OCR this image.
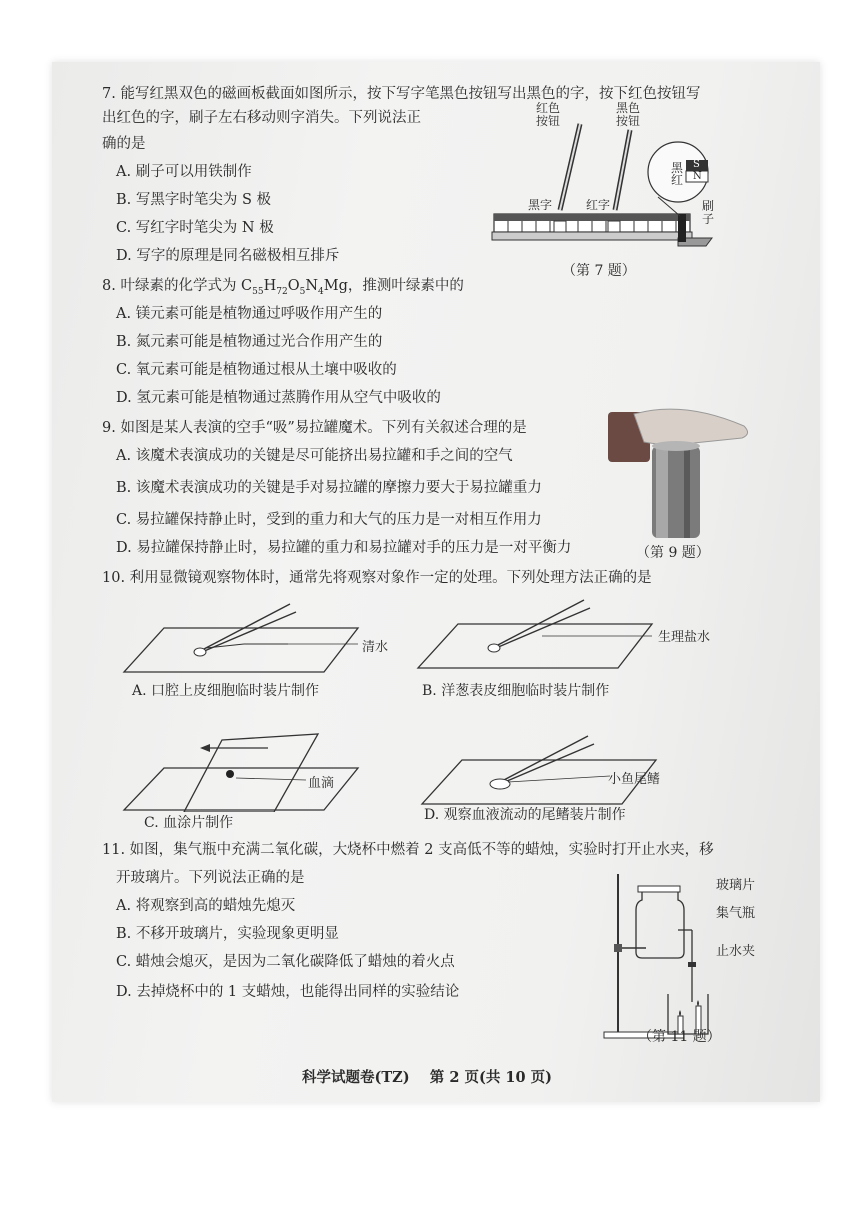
7. 能写红黑双色的磁画板截面如图所示，按下写字笔黑色按钮写出黑色的字，按下红色按钮写
出红色的字，刷子左右移动则字消失。下列说法正
确的是
A. 刷子可以用铁制作
B. 写黑字时笔尖为 S 极
C. 写红字时笔尖为 N 极
D. 写字的原理是同名磁极相互排斥
红色
按钮
黑色
按钮
黑字	红字
黑
红
S
N
刷
子
（第 7 题）
8. 叶绿素的化学式为 $C_{55}H_{72}O_5N_4Mg$，推测叶绿素中的
A. 镁元素可能是植物通过呼吸作用产生的
B. 氮元素可能是植物通过光合作用产生的
C. 氧元素可能是植物通过根从土壤中吸收的
D. 氢元素可能是植物通过蒸腾作用从空气中吸收的
9. 如图是某人表演的空手“吸”易拉罐魔术。下列有关叙述合理的是
A. 该魔术表演成功的关键是尽可能挤出易拉罐和手之间的空气
B. 该魔术表演成功的关键是手对易拉罐的摩擦力要大于易拉罐重力
C. 易拉罐保持静止时，受到的重力和大气的压力是一对相互作用力
D. 易拉罐保持静止时，易拉罐的重力和易拉罐对手的压力是一对平衡力	（第 9 题）
10. 利用显微镜观察物体时，通常先将观察对象作一定的处理。下列处理方法正确的是
清水
A. 口腔上皮细胞临时装片制作
生理盐水
B. 洋葱表皮细胞临时装片制作
血滴
C. 血涂片制作
小鱼尾鳍
D. 观察血液流动的尾鳍装片制作
11. 如图，集气瓶中充满二氧化碳，大烧杯中燃着 2 支高低不等的蜡烛，实验时打开止水夹，移
开玻璃片。下列说法正确的是
A. 将观察到高的蜡烛先熄灭
B. 不移开玻璃片，实验现象更明显
C. 蜡烛会熄灭，是因为二氧化碳降低了蜡烛的着火点
D. 去掉烧杯中的 1 支蜡烛，也能得出同样的实验结论
玻璃片
集气瓶
止水夹
（第 11 题）
科学试题卷(TZ)    第 2 页(共 10 页)
